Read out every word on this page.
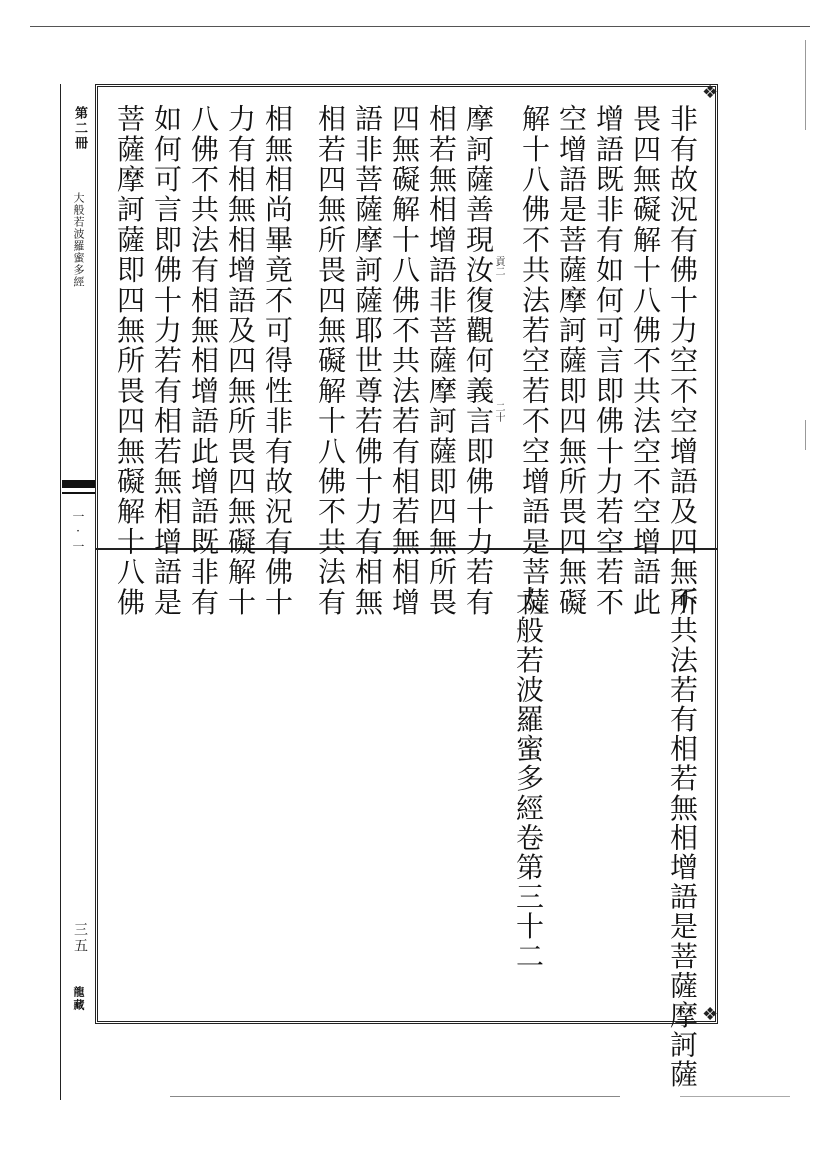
第二冊
大般若波羅蜜多經
一·一
三五
龍藏
❖
❖
非有故況有佛十力空不空增語及四無所
畏四無礙解十八佛不共法空不空增語此
增語既非有如何可言即佛十力若空若不
空增語是菩薩摩訶薩即四無所畏四無礙
解十八佛不共法若空若不空增語是菩薩
摩訶薩善現汝復觀何義言即佛十力若有
相若無相增語非菩薩摩訶薩即四無所畏
四無礙解十八佛不共法若有相若無相增
語非菩薩摩訶薩耶世尊若佛十力有相無
相若四無所畏四無礙解十八佛不共法有
相無相尚畢竟不可得性非有故況有佛十
力有相無相增語及四無所畏四無礙解十
八佛不共法有相無相增語此增語既非有
如何可言即佛十力若有相若無相增語是
菩薩摩訶薩即四無所畏四無礙解十八佛	貢二
二十
不共法若有相若無相增語是菩薩摩訶薩
大般若波羅蜜多經卷第三十二
